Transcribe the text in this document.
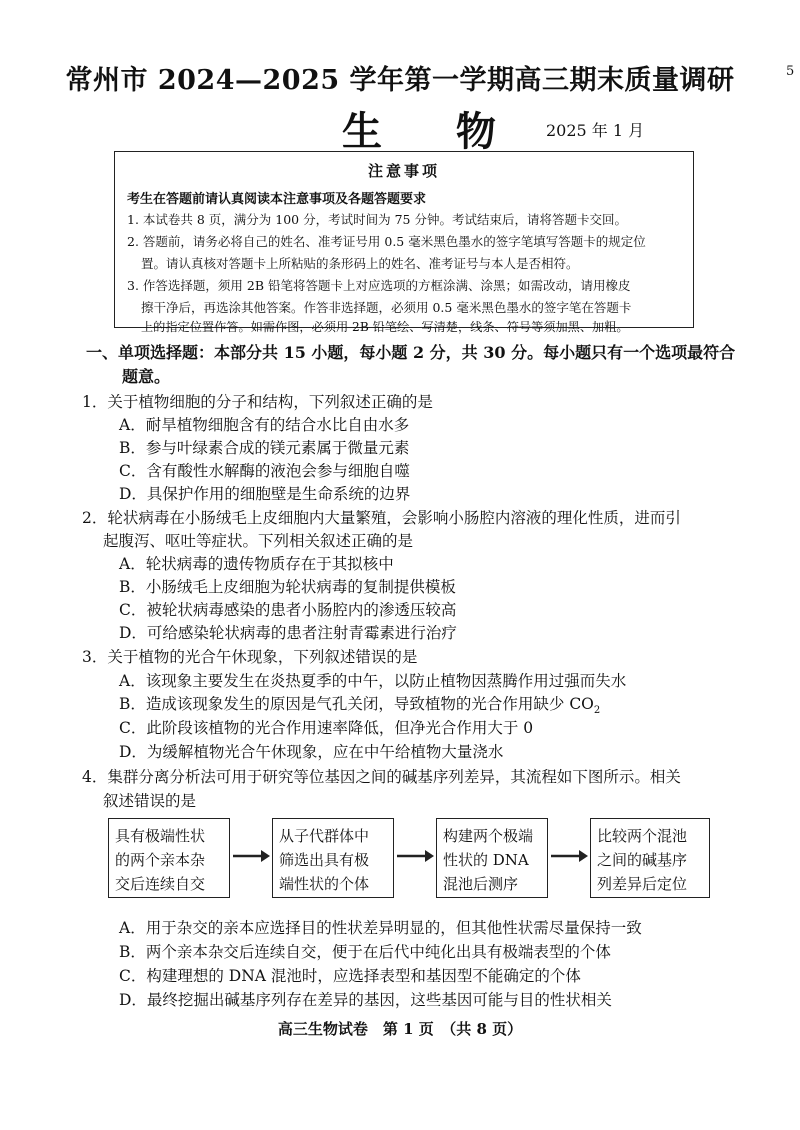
常州市 2024—2025 学年第一学期高三期末质量调研	5
生 物 2025 年 1 月
注意事项
考生在答题前请认真阅读本注意事项及各题答题要求
1. 本试卷共 8 页，满分为 100 分，考试时间为 75 分钟。考试结束后，请将答题卡交回。
2. 答题前，请务必将自己的姓名、准考证号用 0.5 毫米黑色墨水的签字笔填写答题卡的规定位
置。请认真核对答题卡上所粘贴的条形码上的姓名、准考证号与本人是否相符。
3. 作答选择题，须用 2B 铅笔将答题卡上对应选项的方框涂满、涂黑；如需改动，请用橡皮
擦干净后，再选涂其他答案。作答非选择题，必须用 0.5 毫米黑色墨水的签字笔在答题卡
上的指定位置作答。如需作图，必须用 2B 铅笔绘、写清楚，线条、符号等须加黑、加粗。
一、单项选择题：本部分共 15 小题，每小题 2 分，共 30 分。每小题只有一个选项最符合
题意。
1．关于植物细胞的分子和结构，下列叙述正确的是
A．耐旱植物细胞含有的结合水比自由水多
B．参与叶绿素合成的镁元素属于微量元素
C．含有酸性水解酶的液泡会参与细胞自噬
D．具保护作用的细胞壁是生命系统的边界
2．轮状病毒在小肠绒毛上皮细胞内大量繁殖，会影响小肠腔内溶液的理化性质，进而引
起腹泻、呕吐等症状。下列相关叙述正确的是
A．轮状病毒的遗传物质存在于其拟核中
B．小肠绒毛上皮细胞为轮状病毒的复制提供模板
C．被轮状病毒感染的患者小肠腔内的渗透压较高
D．可给感染轮状病毒的患者注射青霉素进行治疗
3．关于植物的光合午休现象，下列叙述错误的是
A．该现象主要发生在炎热夏季的中午，以防止植物因蒸腾作用过强而失水
B．造成该现象发生的原因是气孔关闭，导致植物的光合作用缺少 $CO_2$
C．此阶段该植物的光合作用速率降低，但净光合作用大于 0
D．为缓解植物光合午休现象，应在中午给植物大量浇水
4．集群分离分析法可用于研究等位基因之间的碱基序列差异，其流程如下图所示。相关
叙述错误的是
具有极端性状
的两个亲本杂
交后连续自交
从子代群体中
筛选出具有极
端性状的个体
构建两个极端
性状的 DNA
混池后测序
比较两个混池
之间的碱基序
列差异后定位
A．用于杂交的亲本应选择目的性状差异明显的，但其他性状需尽量保持一致
B．两个亲本杂交后连续自交，便于在后代中纯化出具有极端表型的个体
C．构建理想的 DNA 混池时，应选择表型和基因型不能确定的个体
D．最终挖掘出碱基序列存在差异的基因，这些基因可能与目的性状相关
高三生物试卷　第 1 页　（共 8 页）
